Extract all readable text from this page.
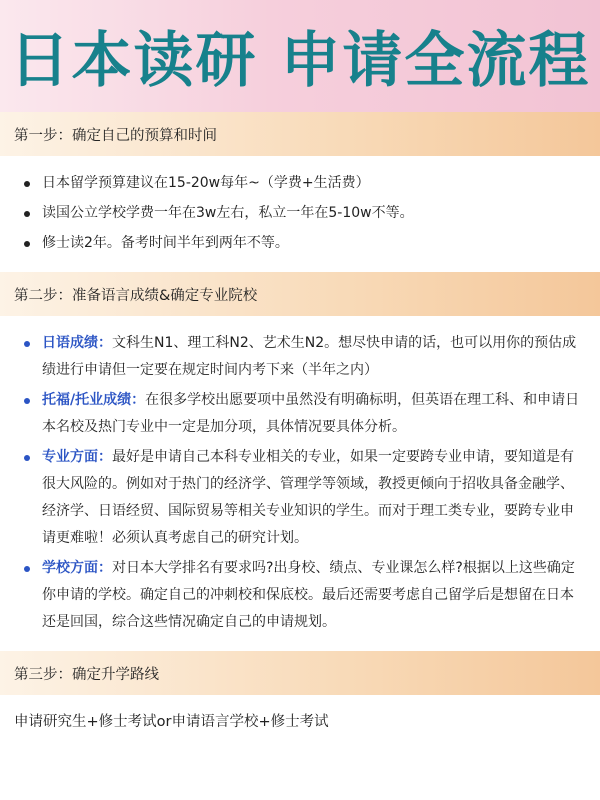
日本读研 申请全流程
第一步：确定自己的预算和时间
日本留学预算建议在15-20w每年~（学费+生活费）
读国公立学校学费一年在3w左右，私立一年在5-10w不等。
修士读2年。备考时间半年到两年不等。
第二步：准备语言成绩&确定专业院校
日语成绩：文科生N1、理工科N2、艺术生N2。想尽快申请的话，也可以用你的预估成绩进行申请但一定要在规定时间内考下来（半年之内）
托福/托业成绩：在很多学校出愿要项中虽然没有明确标明，但英语在理工科、和申请日本名校及热门专业中一定是加分项，具体情况要具体分析。
专业方面：最好是申请自己本科专业相关的专业，如果一定要跨专业申请，要知道是有很大风险的。例如对于热门的经济学、管理学等领域，教授更倾向于招收具备金融学、经济学、日语经贸、国际贸易等相关专业知识的学生。而对于理工类专业，要跨专业申请更难啦！必须认真考虑自己的研究计划。
学校方面：对日本大学排名有要求吗?出身校、绩点、专业课怎么样?根据以上这些确定你申请的学校。确定自己的冲刺校和保底校。最后还需要考虑自己留学后是想留在日本还是回国，综合这些情况确定自己的申请规划。
第三步：确定升学路线
申请研究生+修士考试or申请语言学校+修士考试
